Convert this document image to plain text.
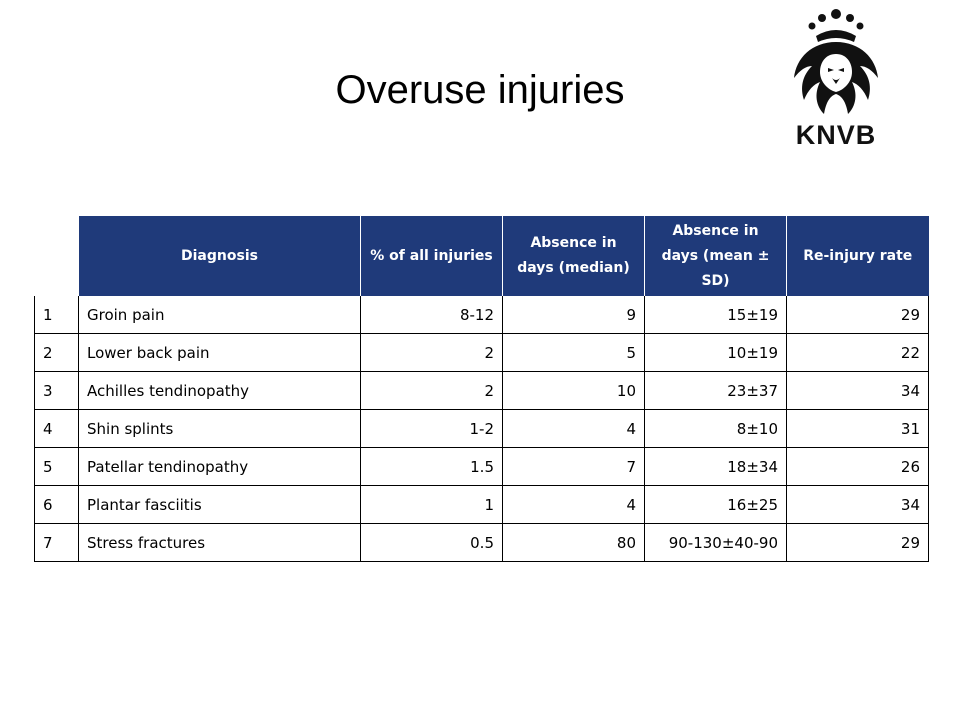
Overuse injuries
KNVB
	Diagnosis	% of all injuries	Absence in days (median)	Absence in days (mean ± SD)	Re-injury rate
1	Groin pain	8-12	9	15±19	29
2	Lower back pain	2	5	10±19	22
3	Achilles tendinopathy	2	10	23±37	34
4	Shin splints	1-2	4	8±10	31
5	Patellar tendinopathy	1.5	7	18±34	26
6	Plantar fasciitis	1	4	16±25	34
7	Stress fractures	0.5	80	90-130±40-90	29
